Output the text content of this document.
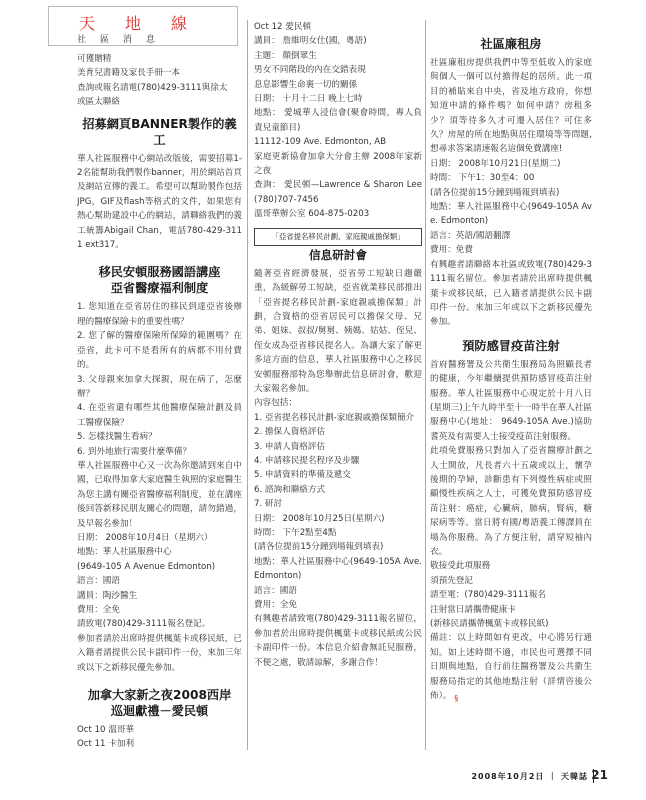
天地線
社區消息

可獲贈精

美育兒書籍及家長手冊一本

查詢或報名請電(780)429-3111與徐太

或區太聯絡

招募網頁BANNER製作的義工

華人社區服務中心網站改版後，需要招募1-2名能幫助我們製作banner，用於網站首頁及網站宣傳的義工。希望可以幫助製作包括JPG，GIF及flash等格式的文件，如果您有熱心幫助建設中心的網站，請聯絡我們的義工統籌Abigail Chan，電話780-429-3111 ext317。

移民安頓服務國語講座
亞省醫療福利制度

1. 您知道在亞省居住的移民到達亞省後辦理的醫療保險卡的重要性嗎？

2. 您了解的醫療保險所保障的範圍嗎？在亞省，此卡可不是看所有的病都不用付費的。

3. 父母親來加拿大探親，現在病了，怎麼辦？

4. 在亞省還有哪些其他醫療保險計劃及員工醫療保險？

5. 怎樣找醫生看病？

6. 到外地旅行需要什麼準備？

華人社區服務中心又一次為你邀請到來自中國，已取得加拿大家庭醫生執照的家庭醫生為您主講有關亞省醫療福利制度，並在講座後回答新移民朋友關心的問題，請勿錯過，及早報名參加！

日期： 2008年10月4日（星期六）

地點：華人社區服務中心

(9649-105 A Avenue Edmonton)

語言：國語

講員：陶沙醫生

費用：全免

請致電(780)429-3111報名登記。

參加者請於出席時提供楓葉卡或移民紙，已入籍者請提供公民卡副印件一份，來加三年或以下之新移民優先參加。

加拿大家新之夜2008西岸
巡迴獻禮－愛民頓

Oct 10 溫哥華

Oct 11 卡加利

Oct 12 愛民頓

講員： 詹維明女仕(國，粵語)

主題： 顛倒眾生

男女不同階段的內在交錯表現

息息影響生命裏一切的關係

日期： 十月十二日 晚上七時

地點： 愛城華人浸信會(聚會時間，專人負責兒童節目)

11112-109 Ave. Edmonton, AB

家庭更新協會加拿大分會主辦 2008年家新之夜

查詢： 愛民頓—Lawrence & Sharon Lee (780)707-7456

溫哥華辦公室 604-875-0203

「亞省提名移民計劃、家庭親戚擔保類」
信息研討會

隨著亞省經濟發展，亞省勞工短缺日趨嚴重，為緩解勞工短缺，亞省就業移民部推出「亞省提名移民計劃-家庭親戚擔保類」計劃，合資格的亞省居民可以擔保父母、兄弟、姐妹、叔叔/舅舅、姨媽、姑姑、侄兒、侄女成為亞省移民提名人。為讓大家了解更多這方面的信息，華人社區服務中心之移民安頓服務部特為您舉辦此信息研討會，歡迎大家報名參加。

內容包括：

1. 亞省提名移民計劃-家庭親戚擔保類簡介

2. 擔保人資格評估

3. 申請人資格評估

4. 申請移民提名程序及步驟

5. 申請資料的準備及遞交

6. 諮詢和聯絡方式

7. 研討

日期： 2008年10月25日(星期六)

時間： 下午2點至4點

(請各位提前15分鐘到場報到填表)

地點：華人社區服務中心(9649-105A Ave. Edmonton)

語言：國語

費用：全免

有興趣者請致電(780)429-3111報名留位，參加者於出席時提供楓葉卡或移民紙或公民卡副印件一份。本信息介紹會無託兒服務，不便之處，敬請諒解，多謝合作！

社區廉租房

社區廉租房提供我們中等至低收入的家庭與個人一個可以付擔得起的居所。此一項目的補貼來自中央，省及地方政府，你想知道申請的條件嗎？如何申請？房租多少？須等待多久才可遷入居住？可住多久？房屋的所在地點與居住環境等等問題,想尋求答案請速報名這個免費講座!

日期： 2008年10月21日(星期二)

時間： 下午1：30至4：00

(請各位提前15分鐘到場報到填表)

地點：華人社區服務中心(9649-105A Ave. Edmonton)

語言：英語/國語翻譯

費用：免費

有興趣者請聯絡本社區或致電(780)429-3111報名留位。參加者請於出席時提供楓葉卡或移民紙，已入籍者請提供公民卡副印件一份。來加三年或以下之新移民優先參加。

預防感冒疫苗注射

首府醫務署及公共衛生服務局為照顧長者的健康，今年繼續提供預防感冒疫苗注射服務。華人社區服務中心現定於十月八日(星期三)上午九時半至十一時半在華人社區服務中心(地址： 9649-105A Ave.)協助耆英及有需要人士接受疫苗注射服務。

此項免費服務只對加入了亞省醫療計劃之人士開放，凡長者六十五歲或以上，懷孕後期的孕婦，診斷患有下列慢性病症或照顧慢性疾病之人士，可獲免費預防感冒疫苗注射：癌症，心臟病，肺病，腎病，糖尿病等等。當日將有國/粵語義工傳譯員在場為你服務。為了方便注射，請穿短袖內衣。

敬接受此項服務

須預先登記

請至電：(780)429-3111報名

注射當日請攜帶健康卡

(新移民請攜帶楓葉卡或移民紙)

備註：以上時間如有更改，中心將另行通知。如上述時間不適，市民也可選擇不同日期與地點，自行前往醫務署及公共衛生服務局指定的其他地點注射（詳情咨後公佈）。 §

2008年10月2日 ｜ 天韓誌 21
